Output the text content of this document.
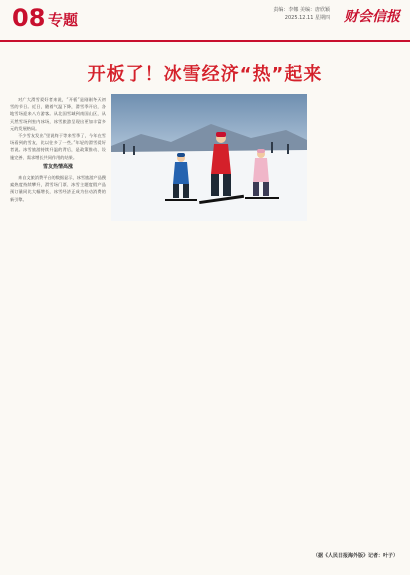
08 专题
责编：李娜 美编：唐欣颖
2025.12.11 星期四 财会信报
开板了！冰雪经济“热”起来

对广大滑雪爱好者来说，“开板”是刚刚冬天初雪的节日。近日，随着气温下降，滑雪季开启，各地雪场迎来八方游客。从北国雪域到南国山区，从天然雪场到室内冰场，冰雪旅游呈现出更加丰富多元的发展格局。

不少雪友发出“里说终于等来雪季了，今年在雪场看到的雪友，比以往多了一些。”年轻的滑雪爱好者说。冰雪旅游持续升温的背后，是政策推动、设施完善、需求增长共同作用的结果。

雪友热情高涨

来自文旅消费平台的数据显示，冰雪旅游产品搜索热度持续攀升，滑雪场门票、冰雪主题度假产品预订量同比大幅增长，冰雪经济正成为拉动消费的新引擎。

（据《人民日报海外版》记者：叶子）
